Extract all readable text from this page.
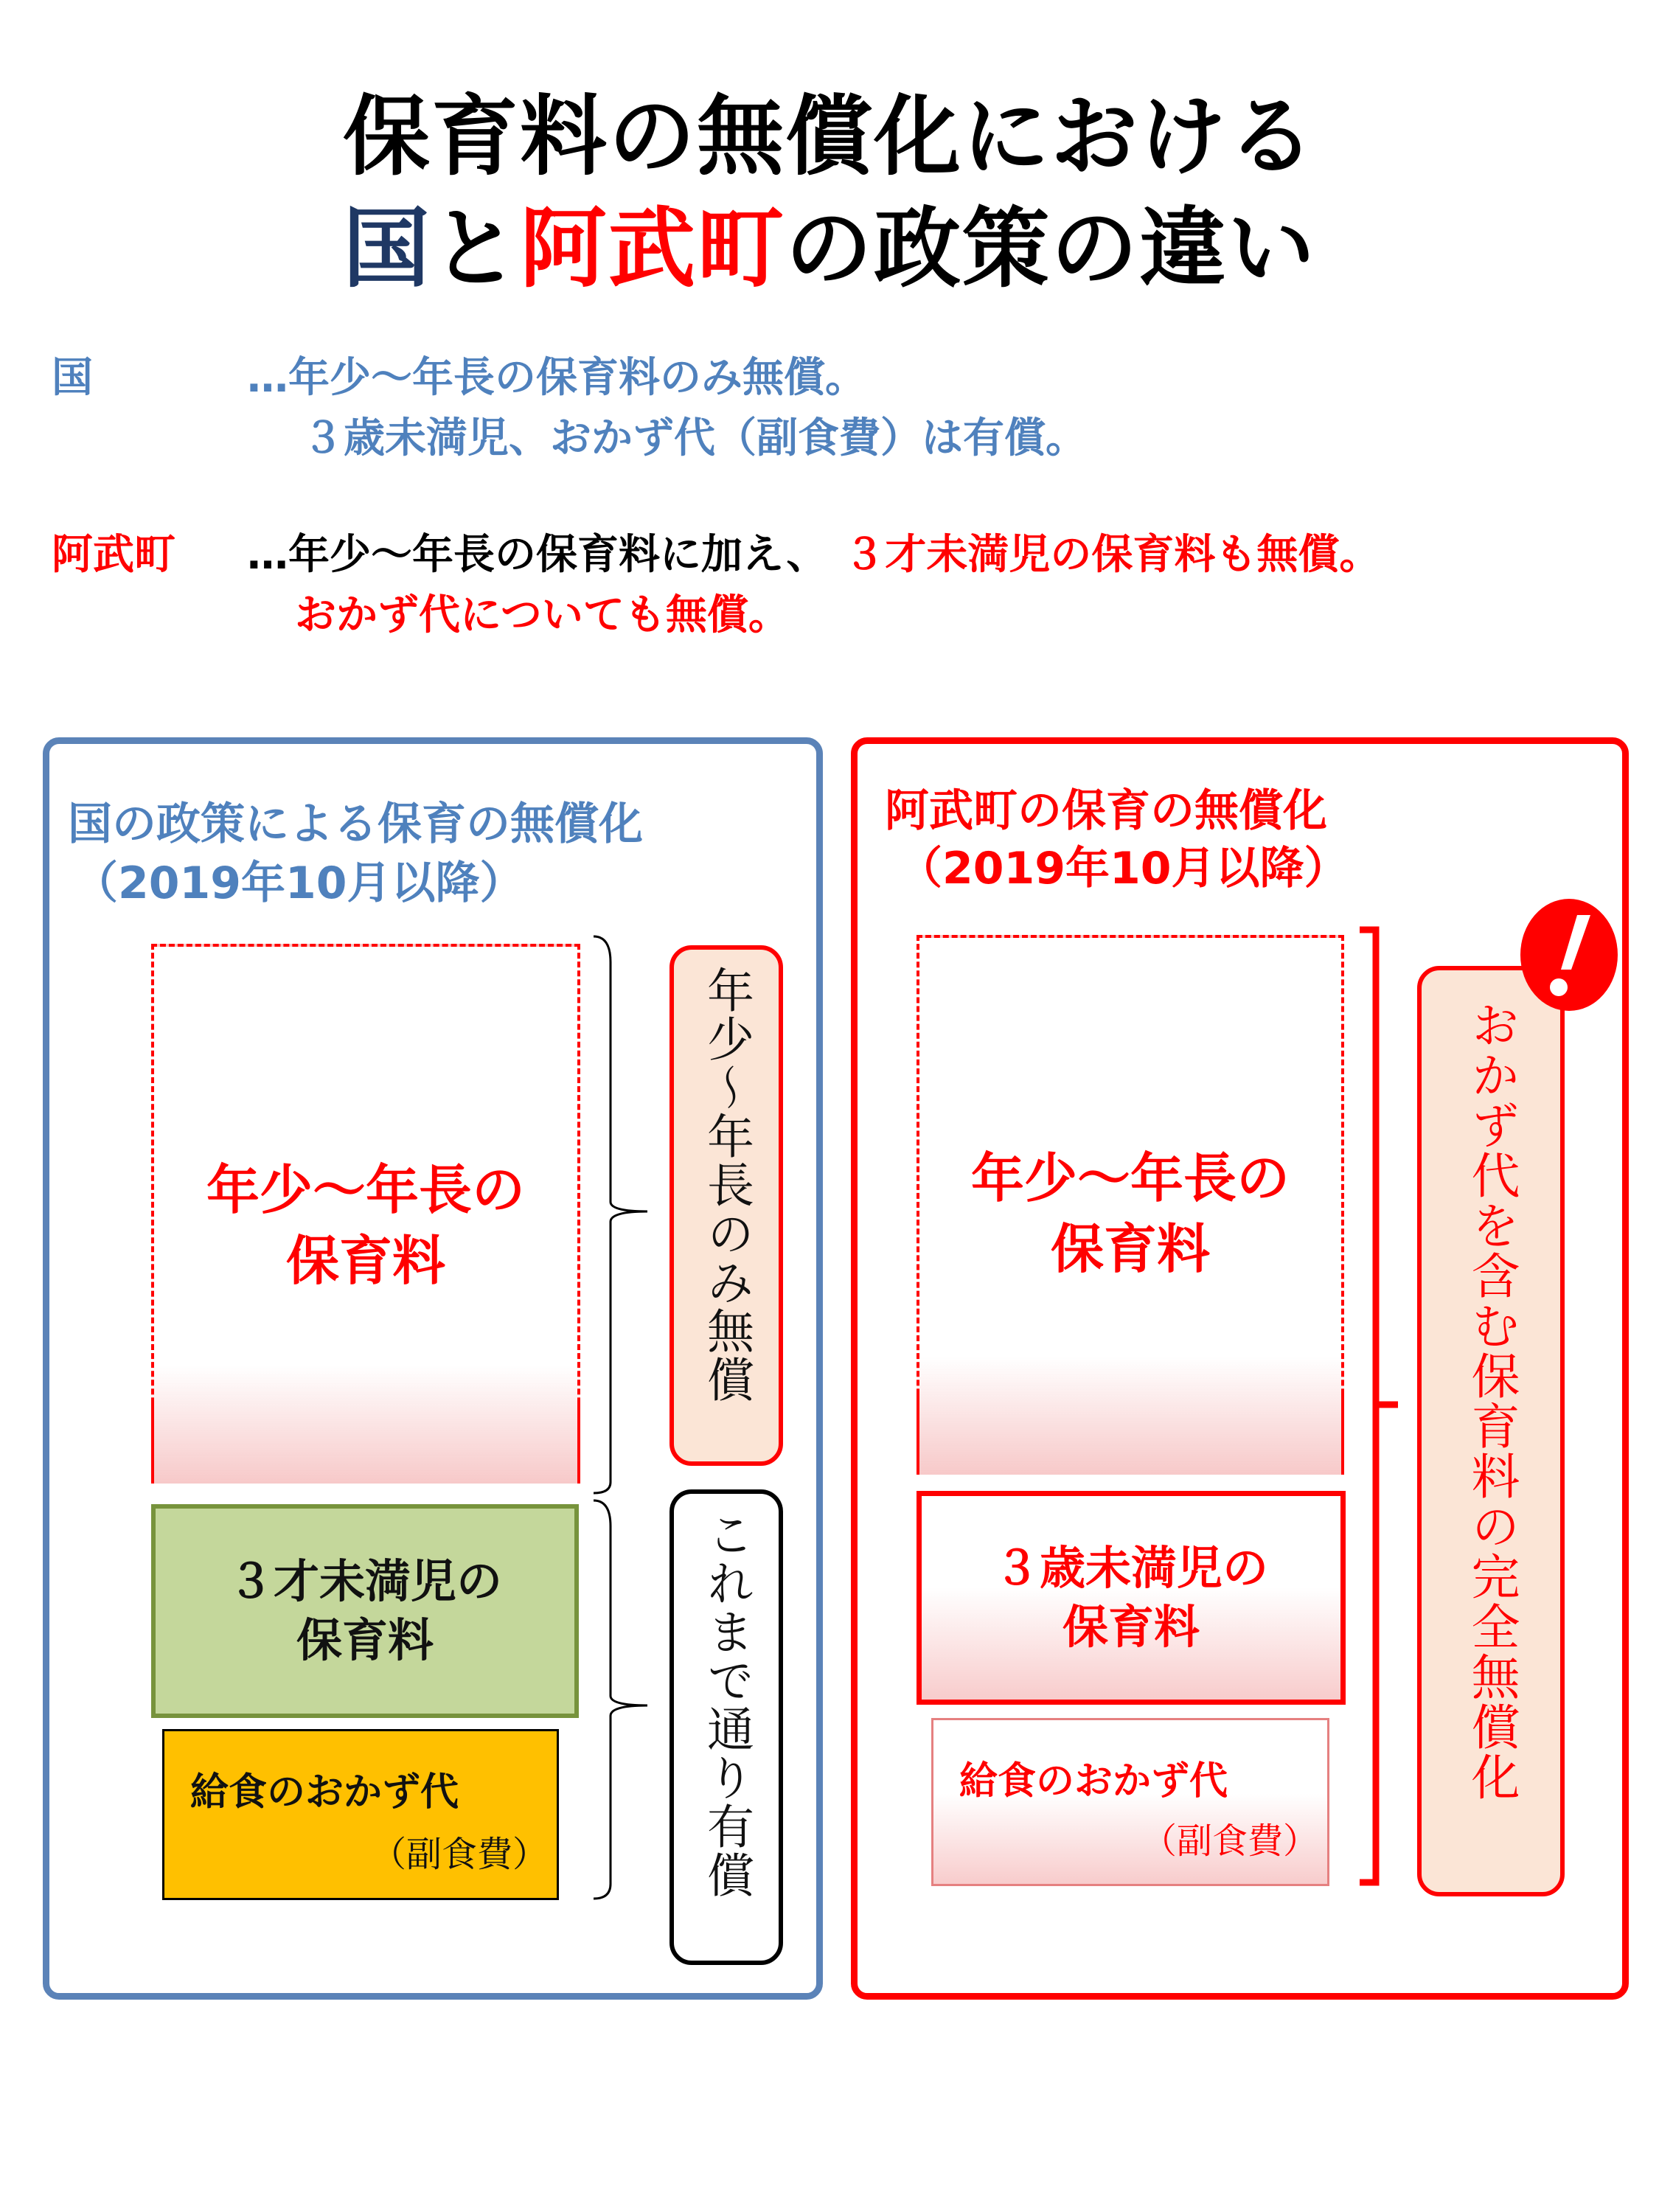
保育料の無償化における
国と阿武町の政策の違い
国	…年少～年長の保育料のみ無償。
３歳未満児、おかず代（副食費）は有償。
阿武町 …年少～年長の保育料に加え、 ３才未満児の保育料も無償。
おかず代についても無償。
国の政策による保育の無償化
（2019年10月以降）
年少～年長の
保育料
３才未満児の
保育料
給食のおかず代
（副食費）
年少～年長のみ無償
これまで通り有償
阿武町の保育の無償化
（2019年10月以降）
年少～年長の
保育料
３歳未満児の
保育料
給食のおかず代
（副食費）
おかず代を含む保育料の完全無償化
